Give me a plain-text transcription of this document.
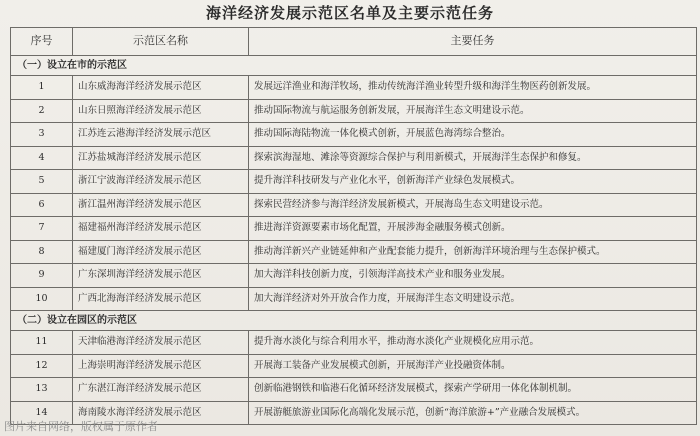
海洋经济发展示范区名单及主要示范任务
序号	示范区名称	主要任务
（一）设立在市的示范区		
1	山东威海海洋经济发展示范区	发展远洋渔业和海洋牧场，推动传统海洋渔业转型升级和海洋生物医药创新发展。
2	山东日照海洋经济发展示范区	推动国际物流与航运服务创新发展，开展海洋生态文明建设示范。
3	江苏连云港海洋经济发展示范区	推动国际海陆物流一体化模式创新，开展蓝色海湾综合整治。
4	江苏盐城海洋经济发展示范区	探索滨海湿地、滩涂等资源综合保护与利用新模式，开展海洋生态保护和修复。
5	浙江宁波海洋经济发展示范区	提升海洋科技研发与产业化水平，创新海洋产业绿色发展模式。
6	浙江温州海洋经济发展示范区	探索民营经济参与海洋经济发展新模式，开展海岛生态文明建设示范。
7	福建福州海洋经济发展示范区	推进海洋资源要素市场化配置，开展涉海金融服务模式创新。
8	福建厦门海洋经济发展示范区	推动海洋新兴产业链延伸和产业配套能力提升，创新海洋环境治理与生态保护模式。
9	广东深圳海洋经济发展示范区	加大海洋科技创新力度，引领海洋高技术产业和服务业发展。
10	广西北海海洋经济发展示范区	加大海洋经济对外开放合作力度，开展海洋生态文明建设示范。
（二）设立在园区的示范区		
11	天津临港海洋经济发展示范区	提升海水淡化与综合利用水平，推动海水淡化产业规模化应用示范。
12	上海崇明海洋经济发展示范区	开展海工装备产业发展模式创新，开展海洋产业投融资体制。
13	广东湛江海洋经济发展示范区	创新临港钢铁和临港石化循环经济发展模式，探索产学研用一体化体制机制。
14	海南陵水海洋经济发展示范区	开展游艇旅游业国际化高端化发展示范，创新“海洋旅游+”产业融合发展模式。
图片来自网络，版权属于原作者
